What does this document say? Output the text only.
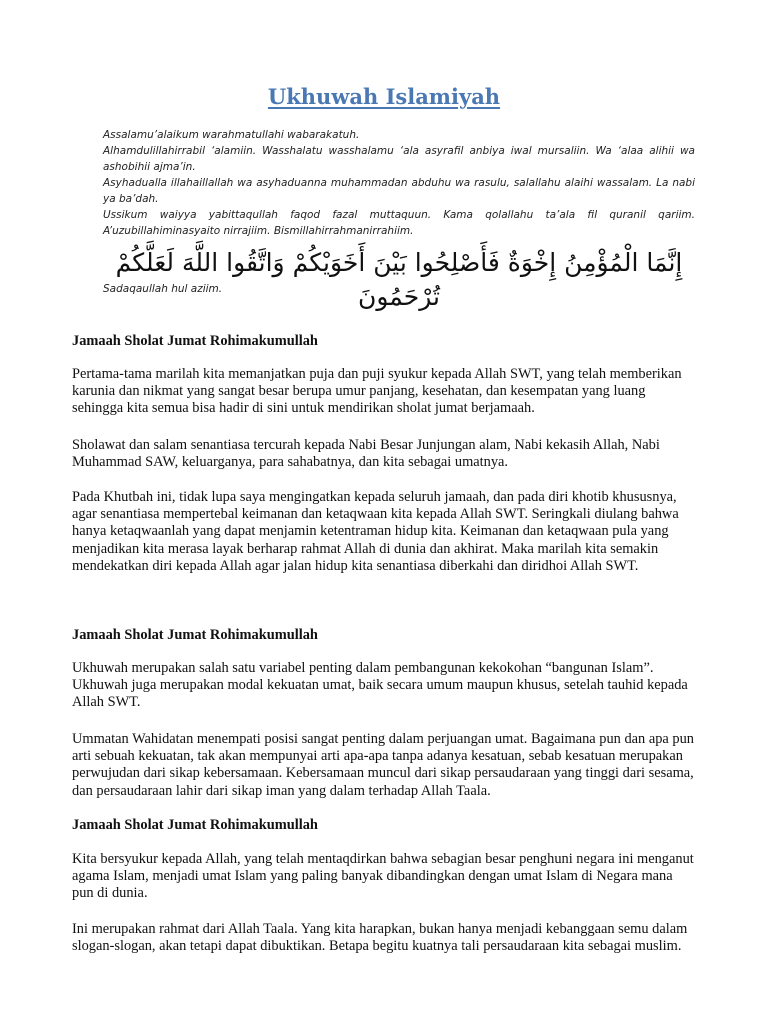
Ukhuwah Islamiyah

Assalamu’alaikum warahmatullahi wabarakatuh.

Alhamdulillahirrabil ‘alamiin. Wasshalatu wasshalamu ‘ala asyrafil anbiya iwal mursaliin. Wa ‘alaa alihii wa ashobihii ajma’in.

Asyhadualla illahaillallah wa asyhaduanna muhammadan abduhu wa rasulu, salallahu alaihi wassalam. La nabi ya ba’dah.

Ussikum waiyya yabittaqullah faqod fazal muttaquun. Kama qolallahu ta’ala fil quranil qariim. A’uzubillahiminasyaito nirrajiim. Bismillahirrahmanirrahiim.

إِنَّمَا الْمُؤْمِنُ إِخْوَةٌ فَأَصْلِحُوا بَيْنَ أَخَوَيْكُمْ وَاتَّقُوا اللَّهَ لَعَلَّكُمْ تُرْحَمُونَ
Sadaqaullah hul aziim.
Jamaah Sholat Jumat Rohimakumullah

Pertama-tama marilah kita memanjatkan puja dan puji syukur kepada Allah SWT, yang telah memberikan karunia dan nikmat yang sangat besar berupa umur panjang, kesehatan, dan kesempatan yang luang sehingga kita semua bisa hadir di sini untuk mendirikan sholat jumat berjamaah.

Sholawat dan salam senantiasa tercurah kepada Nabi Besar Junjungan alam, Nabi kekasih Allah, Nabi Muhammad SAW, keluarganya, para sahabatnya, dan kita sebagai umatnya.

Pada Khutbah ini, tidak lupa saya mengingatkan kepada seluruh jamaah, dan pada diri khotib khususnya, agar senantiasa mempertebal keimanan dan ketaqwaan kita kepada Allah SWT. Seringkali diulang bahwa hanya ketaqwaanlah yang dapat menjamin ketentraman hidup kita. Keimanan dan ketaqwaan pula yang menjadikan kita merasa layak berharap rahmat Allah di dunia dan akhirat. Maka marilah kita semakin mendekatkan diri kepada Allah agar jalan hidup kita senantiasa diberkahi dan diridhoi Allah SWT.

Jamaah Sholat Jumat Rohimakumullah

Ukhuwah merupakan salah satu variabel penting dalam pembangunan kekokohan “bangunan Islam”. Ukhuwah juga merupakan modal kekuatan umat, baik secara umum maupun khusus, setelah tauhid kepada Allah SWT.

Ummatan Wahidatan menempati posisi sangat penting dalam perjuangan umat. Bagaimana pun dan apa pun arti sebuah kekuatan, tak akan mempunyai arti apa-apa tanpa adanya kesatuan, sebab kesatuan merupakan perwujudan dari sikap kebersamaan. Kebersamaan muncul dari sikap persaudaraan yang tinggi dari sesama, dan persaudaraan lahir dari sikap iman yang dalam terhadap Allah Taala.

Jamaah Sholat Jumat Rohimakumullah

Kita bersyukur kepada Allah, yang telah mentaqdirkan bahwa sebagian besar penghuni negara ini menganut agama Islam, menjadi umat Islam yang paling banyak dibandingkan dengan umat Islam di Negara mana pun di dunia.

Ini merupakan rahmat dari Allah Taala. Yang kita harapkan, bukan hanya menjadi kebanggaan semu dalam slogan-slogan, akan tetapi dapat dibuktikan. Betapa begitu kuatnya tali persaudaraan kita sebagai muslim.
